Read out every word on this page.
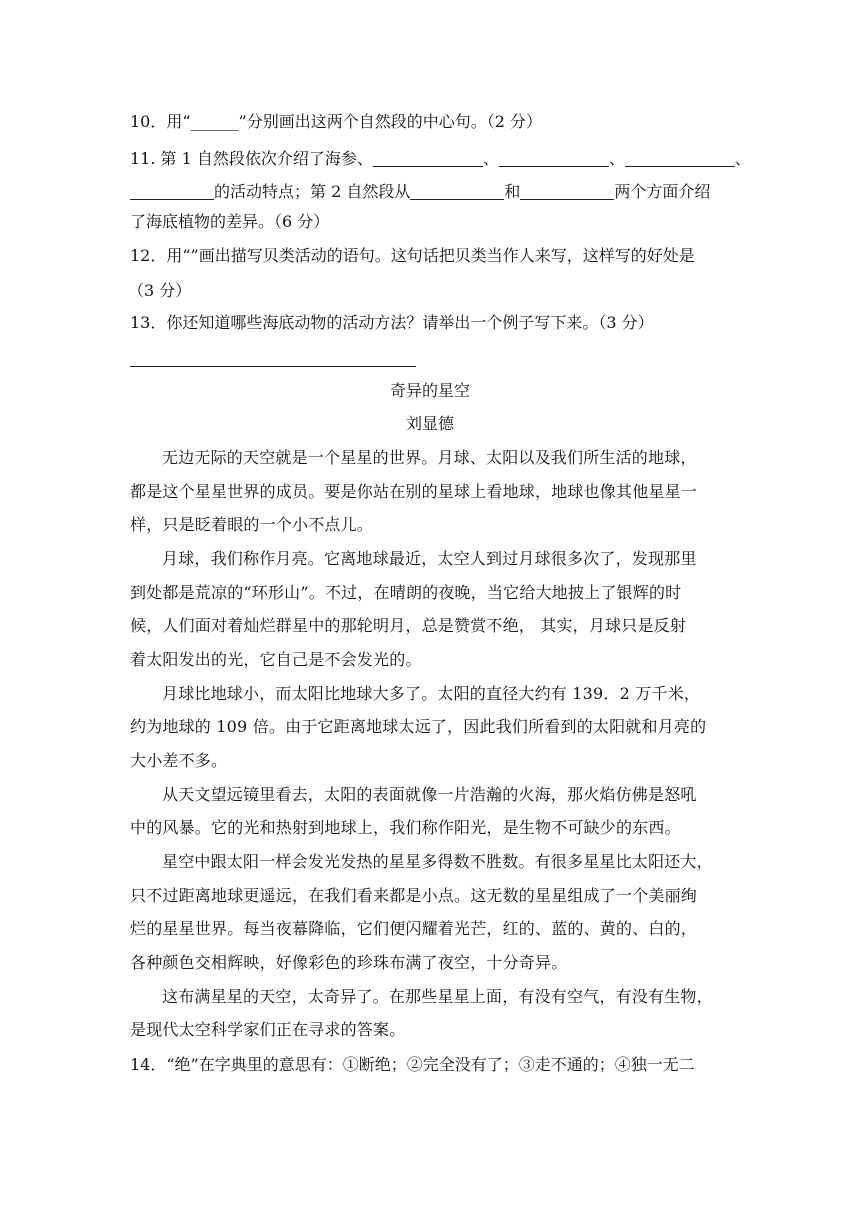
10．用“______”分别画出这两个自然段的中心句。（2 分）
11. 第 1 自然段依次介绍了海参、	、	、	、
的活动特点；第 2 自然段从	和	两个方面介绍
了海底植物的差异。（6 分）
12．用“”画出描写贝类活动的语句。这句话把贝类当作人来写，这样写的好处是
（3 分）
13．你还知道哪些海底动物的活动方法？请举出一个例子写下来。（3 分）
奇异的星空
刘显德
无边无际的天空就是一个星星的世界。月球、太阳以及我们所生活的地球，
都是这个星星世界的成员。要是你站在别的星球上看地球，地球也像其他星星一
样，只是眨着眼的一个小不点儿。
月球，我们称作月亮。它离地球最近，太空人到过月球很多次了，发现那里
到处都是荒凉的“环形山”。不过，在晴朗的夜晚，当它给大地披上了银辉的时
候，人们面对着灿烂群星中的那轮明月，总是赞赏不绝， 其实，月球只是反射
着太阳发出的光，它自己是不会发光的。
月球比地球小，而太阳比地球大多了。太阳的直径大约有 139．2 万千米，
约为地球的 109 倍。由于它距离地球太远了，因此我们所看到的太阳就和月亮的
大小差不多。
从天文望远镜里看去，太阳的表面就像一片浩瀚的火海，那火焰仿佛是怒吼
中的风暴。它的光和热射到地球上，我们称作阳光，是生物不可缺少的东西。
星空中跟太阳一样会发光发热的星星多得数不胜数。有很多星星比太阳还大，
只不过距离地球更遥远，在我们看来都是小点。这无数的星星组成了一个美丽绚
烂的星星世界。每当夜幕降临，它们便闪耀着光芒，红的、蓝的、黄的、白的，
各种颜色交相辉映，好像彩色的珍珠布满了夜空，十分奇异。
这布满星星的天空，太奇异了。在那些星星上面，有没有空气，有没有生物，
是现代太空科学家们正在寻求的答案。
14．“绝”在字典里的意思有：①断绝；②完全没有了；③走不通的；④独一无二
